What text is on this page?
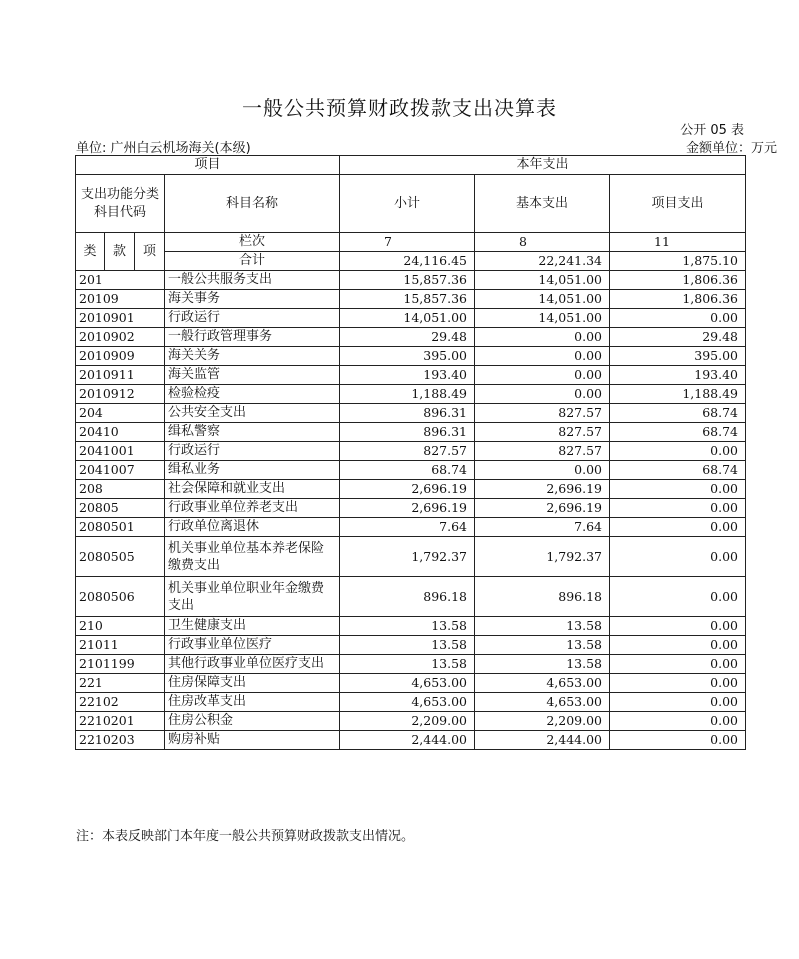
一般公共预算财政拨款支出决算表
公开 05 表
单位: 广州白云机场海关(本级)	金额单位：万元
项目				本年支出		
支出功能分类科目代码			科目名称	小计	基本支出	项目支出
类	款	项	栏次	7	8	11
			合计	24,116.45	22,241.34	1,875.10
201			一般公共服务支出	15,857.36	14,051.00	1,806.36
20109			海关事务	15,857.36	14,051.00	1,806.36
2010901			行政运行	14,051.00	14,051.00	0.00
2010902			一般行政管理事务	29.48	0.00	29.48
2010909			海关关务	395.00	0.00	395.00
2010911			海关监管	193.40	0.00	193.40
2010912			检验检疫	1,188.49	0.00	1,188.49
204			公共安全支出	896.31	827.57	68.74
20410			缉私警察	896.31	827.57	68.74
2041001			行政运行	827.57	827.57	0.00
2041007			缉私业务	68.74	0.00	68.74
208			社会保障和就业支出	2,696.19	2,696.19	0.00
20805			行政事业单位养老支出	2,696.19	2,696.19	0.00
2080501			行政单位离退休	7.64	7.64	0.00
2080505			机关事业单位基本养老保险缴费支出	1,792.37	1,792.37	0.00
2080506			机关事业单位职业年金缴费支出	896.18	896.18	0.00
210			卫生健康支出	13.58	13.58	0.00
21011			行政事业单位医疗	13.58	13.58	0.00
2101199			其他行政事业单位医疗支出	13.58	13.58	0.00
221			住房保障支出	4,653.00	4,653.00	0.00
22102			住房改革支出	4,653.00	4,653.00	0.00
2210201			住房公积金	2,209.00	2,209.00	0.00
2210203			购房补贴	2,444.00	2,444.00	0.00
注：本表反映部门本年度一般公共预算财政拨款支出情况。
